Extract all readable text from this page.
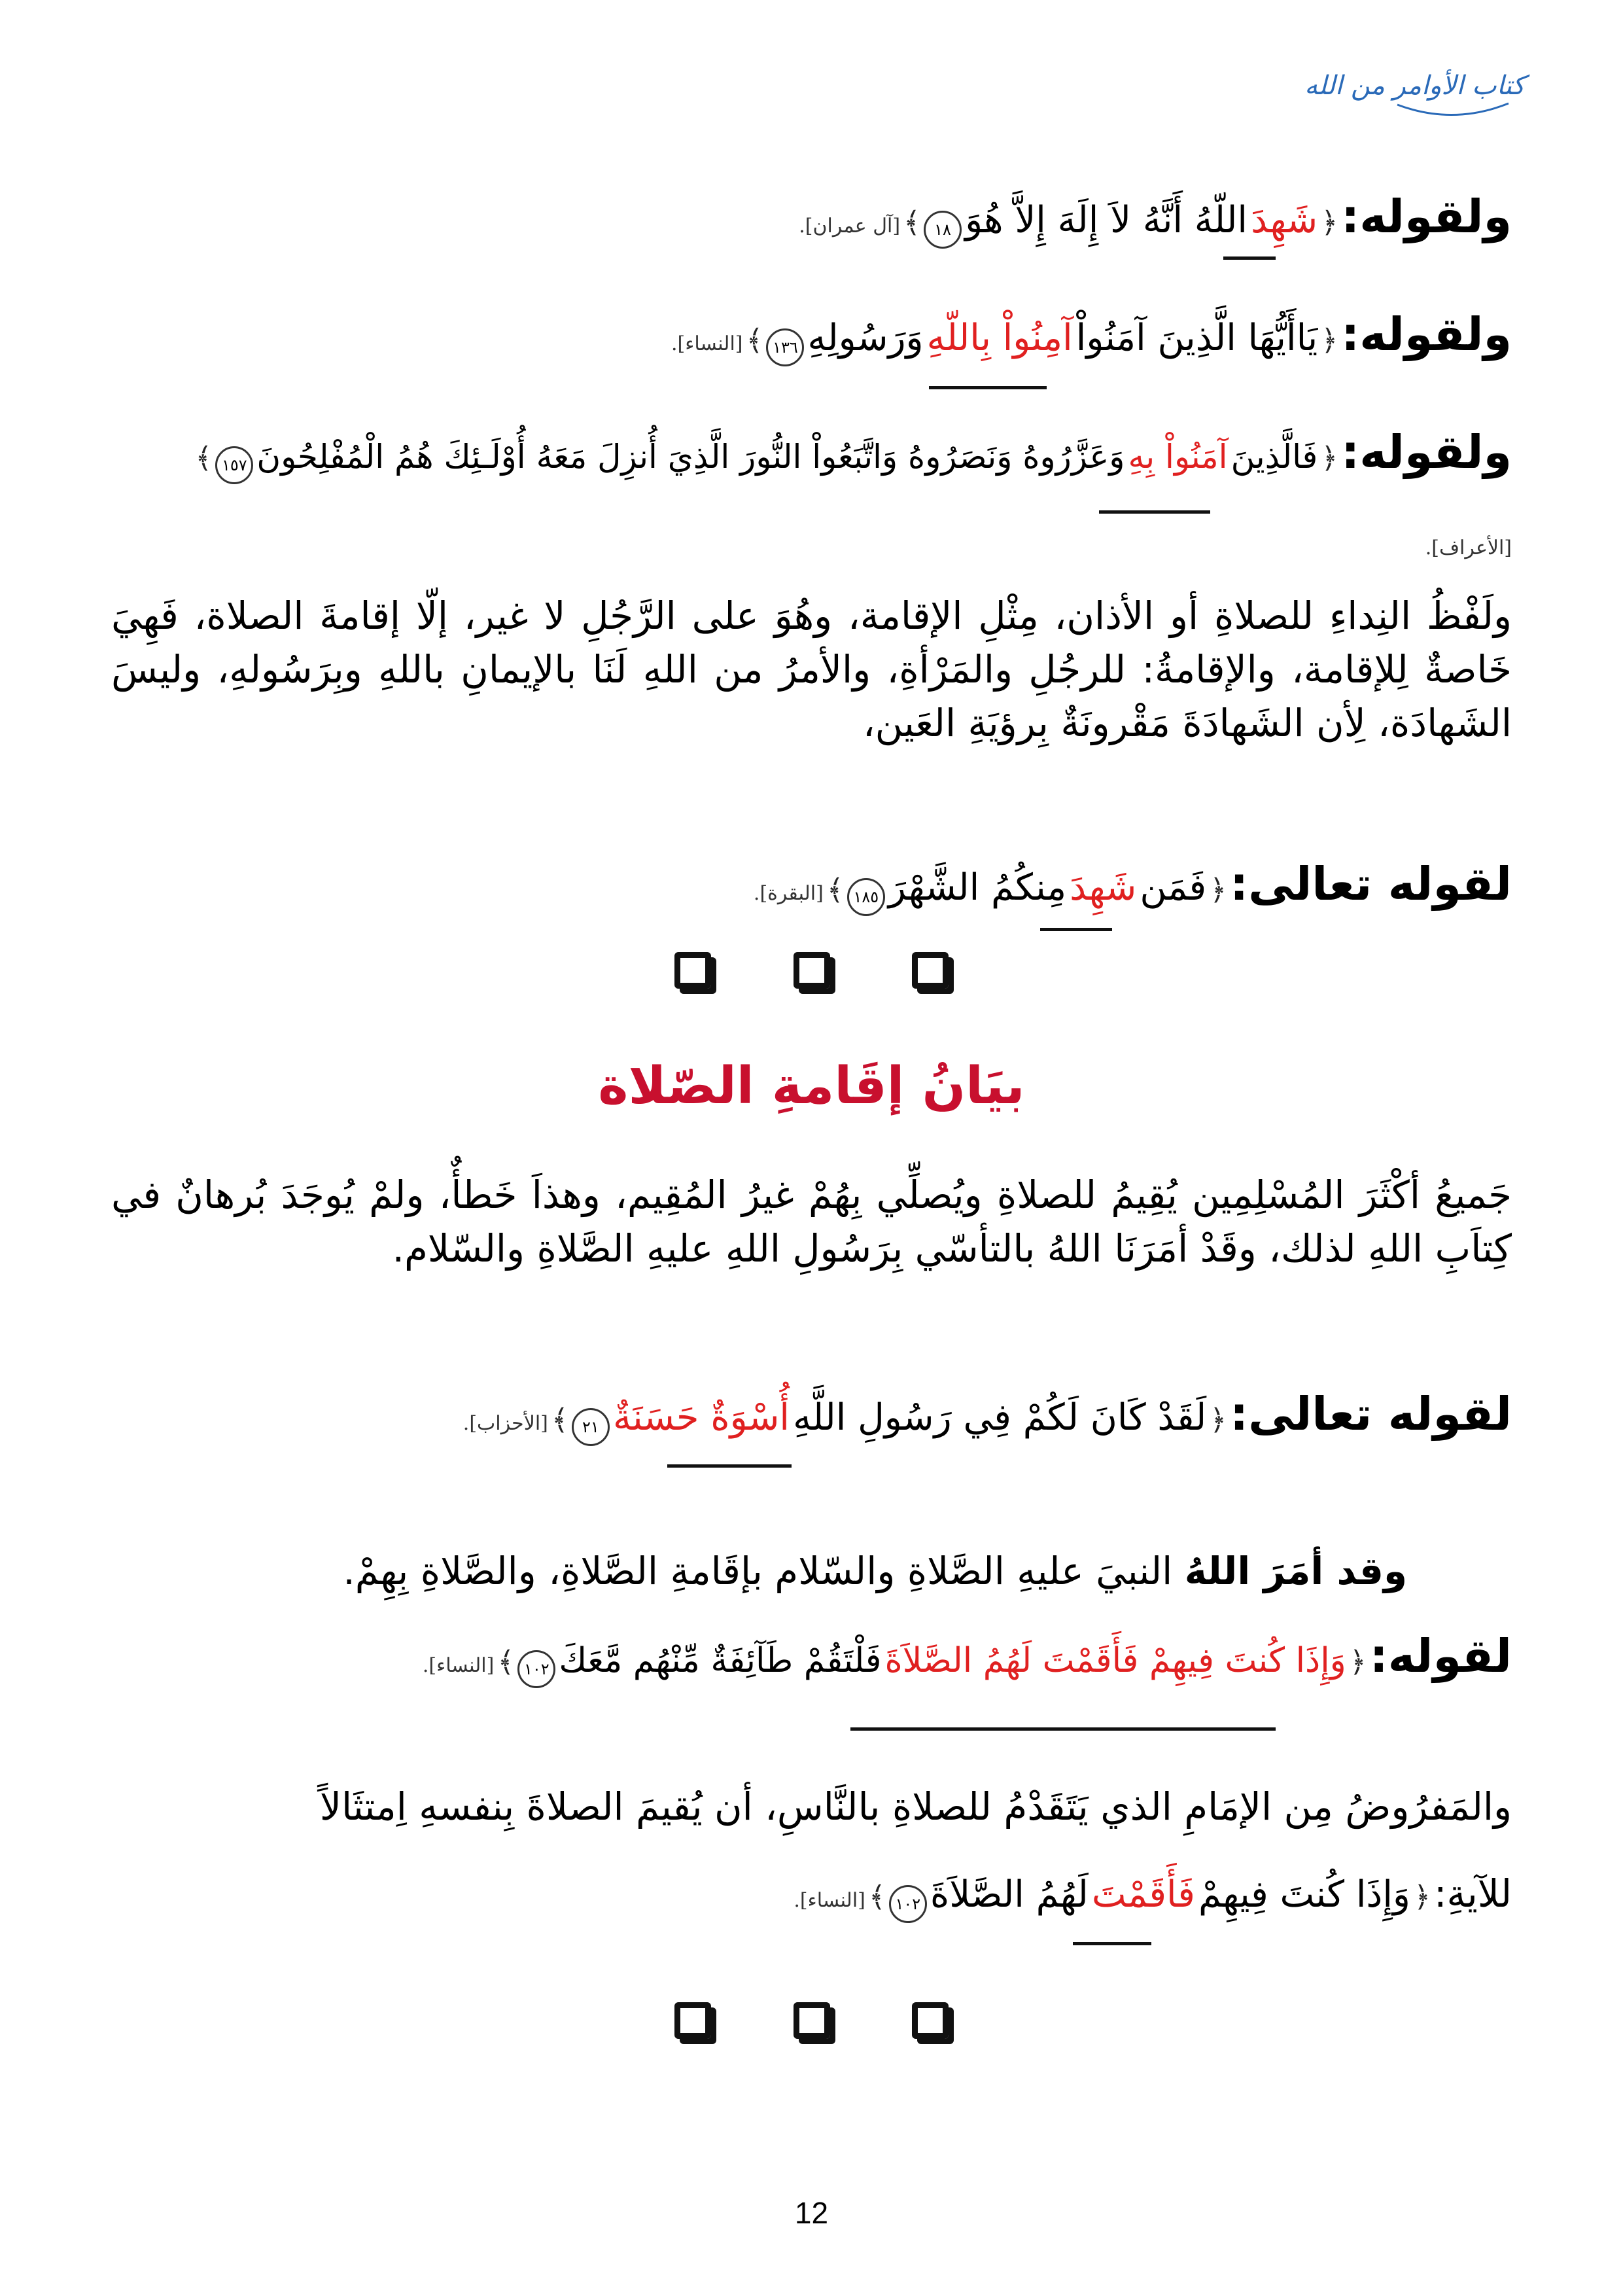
كتاب الأوامر من الله
ولقوله: ﴿ شَهِدَ اللّهُ أَنَّهُ لاَ إِلَهَ إِلاَّ هُوَ ١٨ ﴾ [آل عمران].
ولقوله: ﴿ يَاأَيُّهَا الَّذِينَ آمَنُواْ آمِنُواْ بِاللّهِ وَرَسُولِهِ ١٣٦ ﴾ [النساء].
ولقوله: ﴿ فَالَّذِينَ آمَنُواْ بِهِ وَعَزَّرُوهُ وَنَصَرُوهُ وَاتَّبَعُواْ النُّورَ الَّذِيَ أُنزِلَ مَعَهُ أُوْلَـئِكَ هُمُ الْمُفْلِحُونَ ١٥٧ ﴾
[الأعراف].
ولَفْظُ النِداءِ للصلاةِ أو الأذان، مِثْلِ الإقامة، وهُوَ على الرَّجُلِ لا غير، إلّا إقامةَ الصلاة، فَهِيَ خَاصةٌ لِلإقامة، والإقامةُ: للرجُلِ والمَرْأةِ، والأمرُ من اللهِ لَنَا بالإيمانِ باللهِ وبِرَسُولهِ، وليسَ الشَهادَة، لِأن الشَهادَةَ مَقْرونَةٌ بِرؤيَةِ العَين،
لقوله تعالى: ﴿ فَمَن شَهِدَ مِنكُمُ الشَّهْرَ ١٨٥ ﴾ [البقرة].

بيَانُ إقَامةِ الصّلاة
جَميعُ أكْثَرَ المُسْلِمِين يُقِيمُ للصلاةِ ويُصلِّي بِهُمْ غيرُ المُقِيم، وهذاَ خَطأٌ، ولمْ يُوجَدَ بُرهانٌ في كِتاَبِ اللهِ لذلك، وقَدْ أمَرَنَا اللهُ بالتأسّي بِرَسُولِ اللهِ عليهِ الصَّلاةِ والسّلام.
لقوله تعالى: ﴿ لَقَدْ كَانَ لَكُمْ فِي رَسُولِ اللَّهِ أُسْوَةٌ حَسَنَةٌ ٢١ ﴾ [الأحزاب].
وقد أمَرَ اللهُ النبيَ عليهِ الصَّلاةِ والسّلام بإقَامةِ الصَّلاةِ، والصَّلاةِ بِهِمْ.
لقوله: ﴿ وَإِذَا كُنتَ فِيهِمْ فَأَقَمْتَ لَهُمُ الصَّلاَةَ فَلْتَقُمْ طَآئِفَةٌ مِّنْهُم مَّعَكَ ١٠٢ ﴾ [النساء].
والمَفرُوضُ مِن الإمَامِ الذي يَتَقَدْمُ للصلاةِ بالنَّاسِ، أن يُقيمَ الصلاةَ بِنفسهِ اِمتثَالاً
للآيةِ: ﴿ وَإِذَا كُنتَ فِيهِمْ فَأَقَمْتَ لَهُمُ الصَّلاَةَ ١٠٢ ﴾ [النساء].

12
